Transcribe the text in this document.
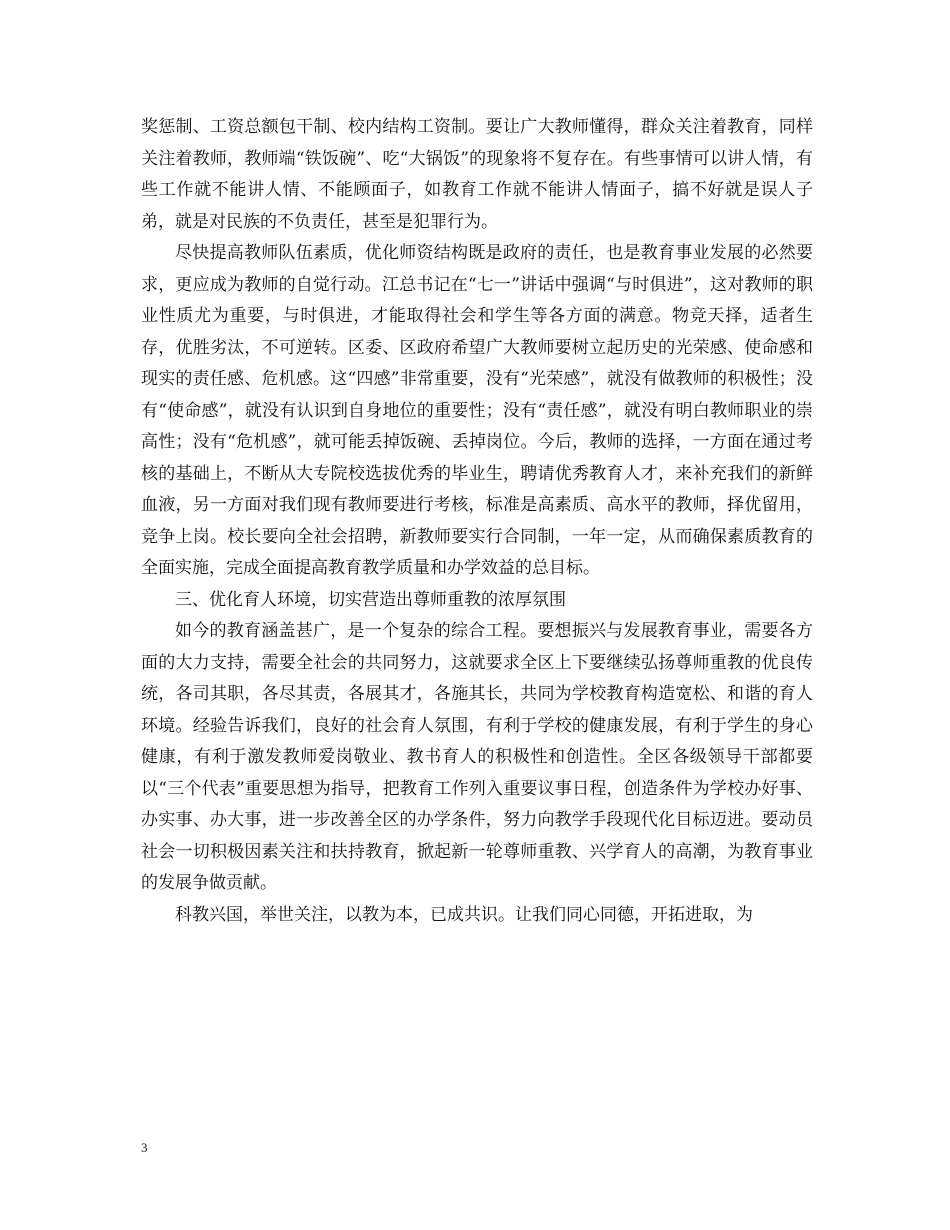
奖惩制、工资总额包干制、校内结构工资制。要让广大教师懂得，群众关注着教育，同样关注着教师，教师端“铁饭碗”、吃“大锅饭”的现象将不复存在。有些事情可以讲人情，有些工作就不能讲人情、不能顾面子，如教育工作就不能讲人情面子，搞不好就是误人子弟，就是对民族的不负责任，甚至是犯罪行为。

尽快提高教师队伍素质，优化师资结构既是政府的责任，也是教育事业发展的必然要求，更应成为教师的自觉行动。江总书记在“七一”讲话中强调“与时俱进”，这对教师的职业性质尤为重要，与时俱进，才能取得社会和学生等各方面的满意。物竞天择，适者生存，优胜劣汰，不可逆转。区委、区政府希望广大教师要树立起历史的光荣感、使命感和现实的责任感、危机感。这“四感”非常重要，没有“光荣感”，就没有做教师的积极性；没有“使命感”，就没有认识到自身地位的重要性；没有“责任感”，就没有明白教师职业的崇高性；没有“危机感”，就可能丢掉饭碗、丢掉岗位。今后，教师的选择，一方面在通过考核的基础上，不断从大专院校选拔优秀的毕业生，聘请优秀教育人才，来补充我们的新鲜血液，另一方面对我们现有教师要进行考核，标准是高素质、高水平的教师，择优留用，竞争上岗。校长要向全社会招聘，新教师要实行合同制，一年一定，从而确保素质教育的全面实施，完成全面提高教育教学质量和办学效益的总目标。

三、优化育人环境，切实营造出尊师重教的浓厚氛围

如今的教育涵盖甚广，是一个复杂的综合工程。要想振兴与发展教育事业，需要各方面的大力支持，需要全社会的共同努力，这就要求全区上下要继续弘扬尊师重教的优良传统，各司其职，各尽其责，各展其才，各施其长，共同为学校教育构造宽松、和谐的育人环境。经验告诉我们，良好的社会育人氛围，有利于学校的健康发展，有利于学生的身心健康，有利于激发教师爱岗敬业、教书育人的积极性和创造性。全区各级领导干部都要以“三个代表”重要思想为指导，把教育工作列入重要议事日程，创造条件为学校办好事、办实事、办大事，进一步改善全区的办学条件，努力向教学手段现代化目标迈进。要动员社会一切积极因素关注和扶持教育，掀起新一轮尊师重教、兴学育人的高潮，为教育事业的发展争做贡献。

科教兴国，举世关注，以教为本，已成共识。让我们同心同德，开拓进取，为

3
